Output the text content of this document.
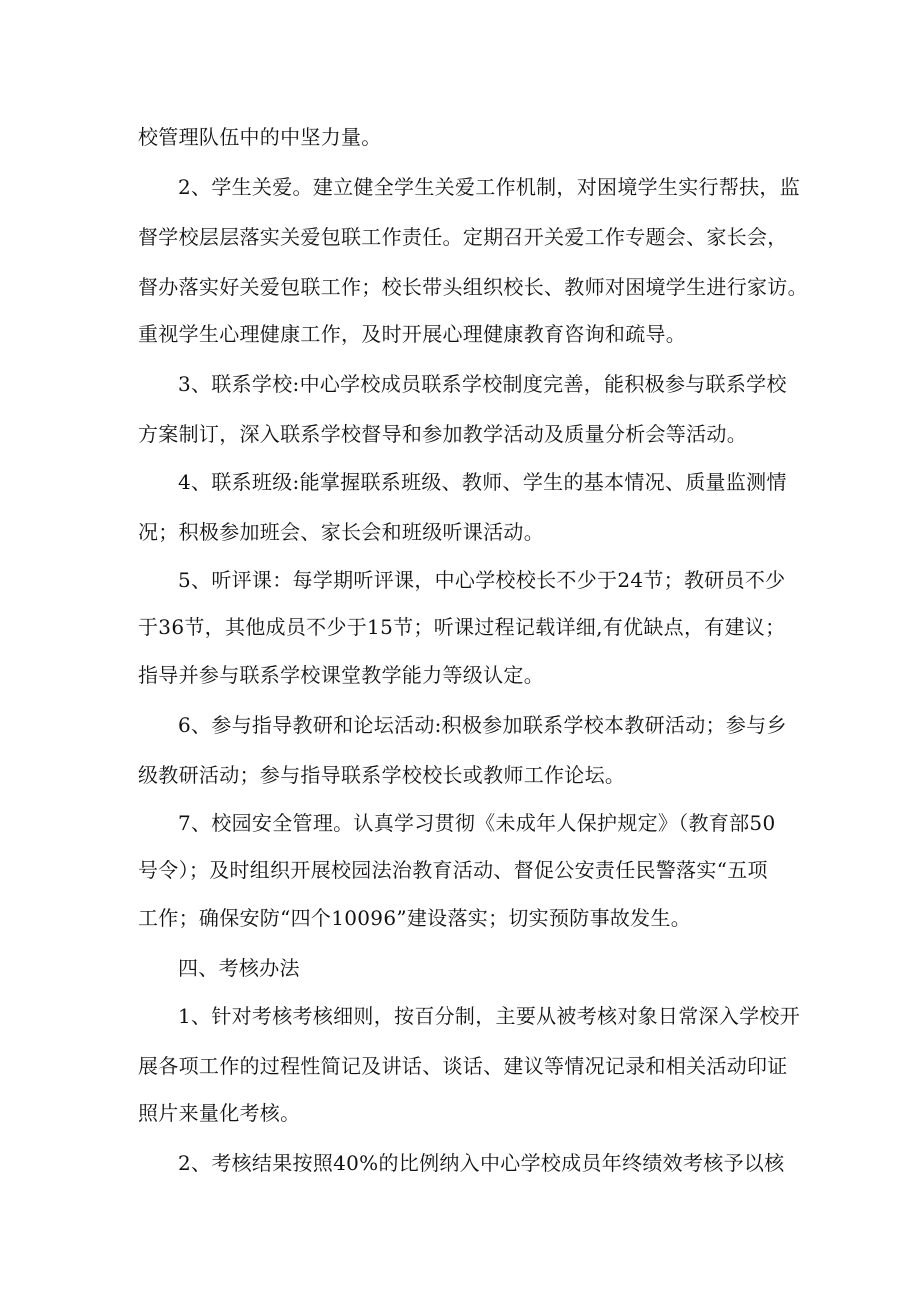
校管理队伍中的中坚力量。
2、学生关爱。建立健全学生关爱工作机制，对困境学生实行帮扶，监
督学校层层落实关爱包联工作责任。定期召开关爱工作专题会、家长会，
督办落实好关爱包联工作；校长带头组织校长、教师对困境学生进行家访。
重视学生心理健康工作，及时开展心理健康教育咨询和疏导。
3、联系学校:中心学校成员联系学校制度完善，能积极参与联系学校
方案制订，深入联系学校督导和参加教学活动及质量分析会等活动。
4、联系班级:能掌握联系班级、教师、学生的基本情况、质量监测情
况；积极参加班会、家长会和班级听课活动。
5、听评课：每学期听评课，中心学校校长不少于24节；教研员不少
于36节，其他成员不少于15节；听课过程记载详细,有优缺点，有建议；
指导并参与联系学校课堂教学能力等级认定。
6、参与指导教研和论坛活动:积极参加联系学校本教研活动；参与乡
级教研活动；参与指导联系学校校长或教师工作论坛。
7、校园安全管理。认真学习贯彻《未成年人保护规定》（教育部50
号令）；及时组织开展校园法治教育活动、督促公安责任民警落实“五项
工作；确保安防“四个10096”建设落实；切实预防事故发生。
四、考核办法
1、针对考核考核细则，按百分制，主要从被考核对象日常深入学校开
展各项工作的过程性简记及讲话、谈话、建议等情况记录和相关活动印证
照片来量化考核。
2、考核结果按照40%的比例纳入中心学校成员年终绩效考核予以核
